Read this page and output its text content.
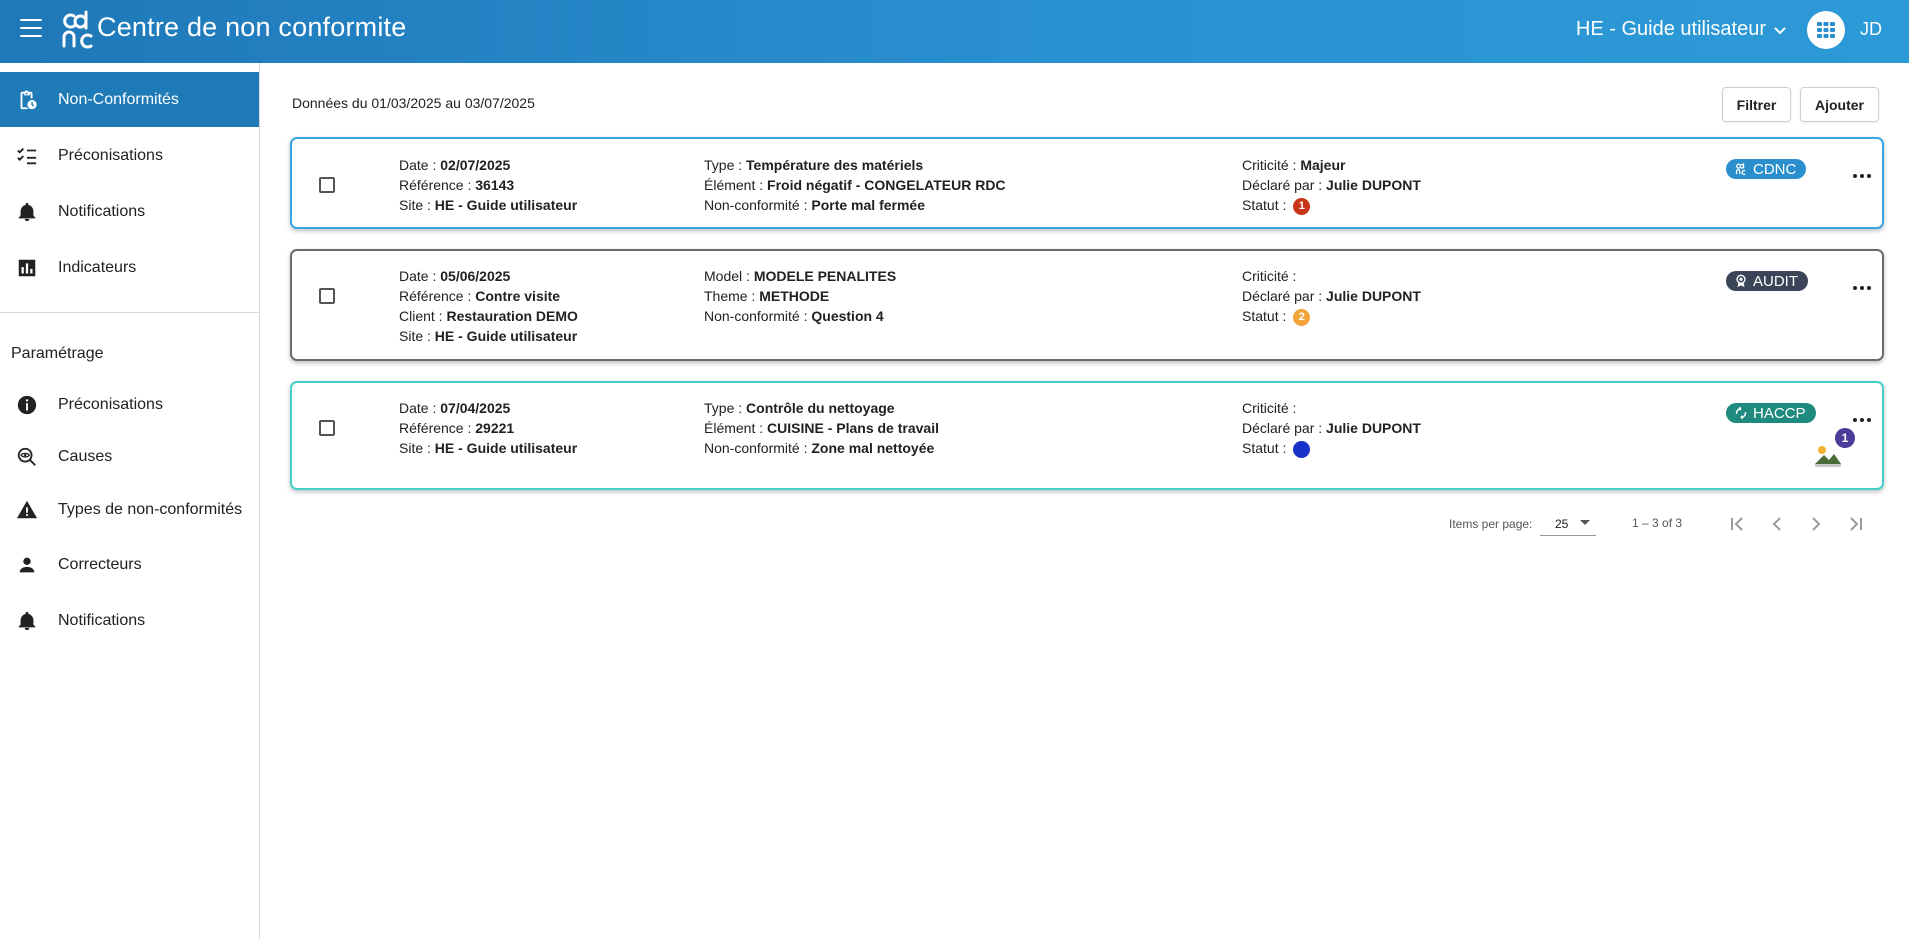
Centre de non conformite	HE - Guide utilisateur	JD
Non-Conformités
Préconisations
Notifications
Indicateurs
Paramétrage
Préconisations
Causes
Types de non-conformités
Correcteurs
Notifications
Données du 01/03/2025 au 03/07/2025	Filtrer	Ajouter
Date : 02/07/2025
Référence : 36143
Site : HE - Guide utilisateur
Type : Température des matériels
Élément : Froid négatif - CONGELATEUR RDC
Non-conformité : Porte mal fermée
Criticité : Majeur
Déclaré par : Julie DUPONT
Statut : 1
CDNC
Date : 05/06/2025
Référence : Contre visite
Client : Restauration DEMO
Site : HE - Guide utilisateur
Model : MODELE PENALITES
Theme : METHODE
Non-conformité : Question 4
Criticité :
Déclaré par : Julie DUPONT
Statut : 2
AUDIT
Date : 07/04/2025
Référence : 29221
Site : HE - Guide utilisateur
Type : Contrôle du nettoyage
Élément : CUISINE - Plans de travail
Non-conformité : Zone mal nettoyée
Criticité :
Déclaré par : Julie DUPONT
Statut :
HACCP
1
Items per page: 25	1 – 3 of 3
